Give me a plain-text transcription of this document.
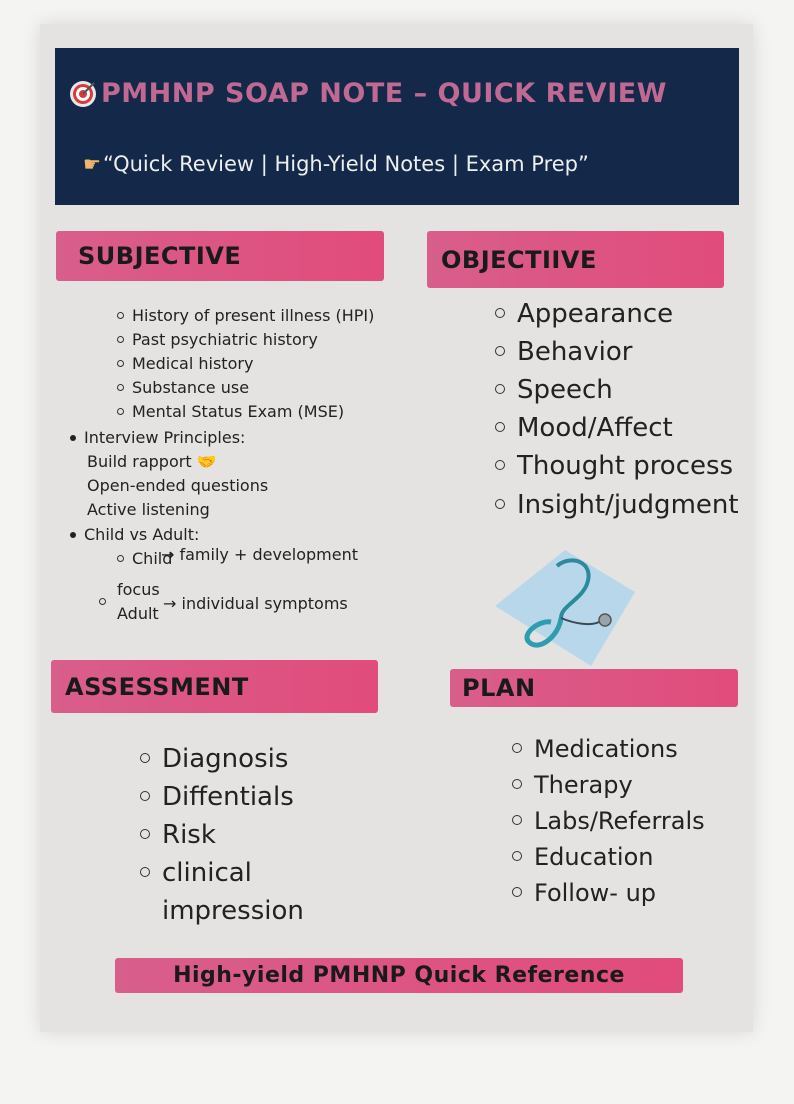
PMHNP SOAP NOTE – QUICK REVIEW
☛ “Quick Review | High-Yield Notes | Exam Prep”
SUBJECTIVE
History of present illness (HPI)
Past psychiatric history
Medical history
Substance use
Mental Status Exam (MSE)
Interview Principles:
Build rapport 🤝
Open-ended questions
Active listening
Child vs Adult:
Child
→ family + development
focus
Adult
→ individual symptoms
OBJECTIIVE
Appearance
Behavior
Speech
Mood/Affect
Thought process
Insight/judgment
ASSESSMENT
Diagnosis
Diffentials
Risk
clinical
impression
PLAN
Medications
Therapy
Labs/Referrals
Education
Follow- up
High-yield PMHNP Quick Reference
